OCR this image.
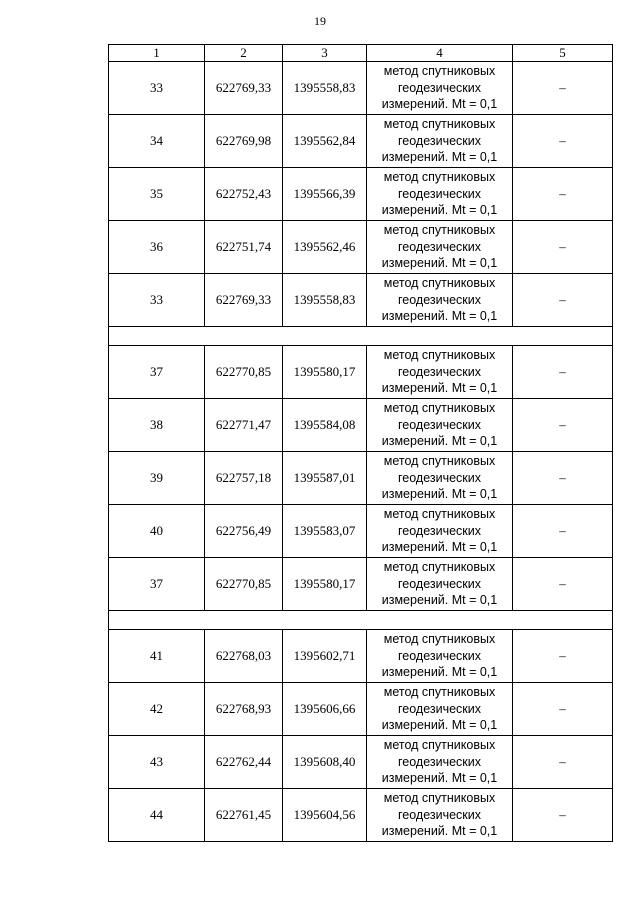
19
1	2	3	4	5
33	622769,33	1395558,83	метод спутниковых
геодезических
измерений. Mt = 0,1	–
34	622769,98	1395562,84	метод спутниковых
геодезических
измерений. Mt = 0,1	–
35	622752,43	1395566,39	метод спутниковых
геодезических
измерений. Mt = 0,1	–
36	622751,74	1395562,46	метод спутниковых
геодезических
измерений. Mt = 0,1	–
33	622769,33	1395558,83	метод спутниковых
геодезических
измерений. Mt = 0,1	–

37	622770,85	1395580,17	метод спутниковых
геодезических
измерений. Mt = 0,1	–
38	622771,47	1395584,08	метод спутниковых
геодезических
измерений. Mt = 0,1	–
39	622757,18	1395587,01	метод спутниковых
геодезических
измерений. Mt = 0,1	–
40	622756,49	1395583,07	метод спутниковых
геодезических
измерений. Mt = 0,1	–
37	622770,85	1395580,17	метод спутниковых
геодезических
измерений. Mt = 0,1	–

41	622768,03	1395602,71	метод спутниковых
геодезических
измерений. Mt = 0,1	–
42	622768,93	1395606,66	метод спутниковых
геодезических
измерений. Mt = 0,1	–
43	622762,44	1395608,40	метод спутниковых
геодезических
измерений. Mt = 0,1	–
44	622761,45	1395604,56	метод спутниковых
геодезических
измерений. Mt = 0,1	–
